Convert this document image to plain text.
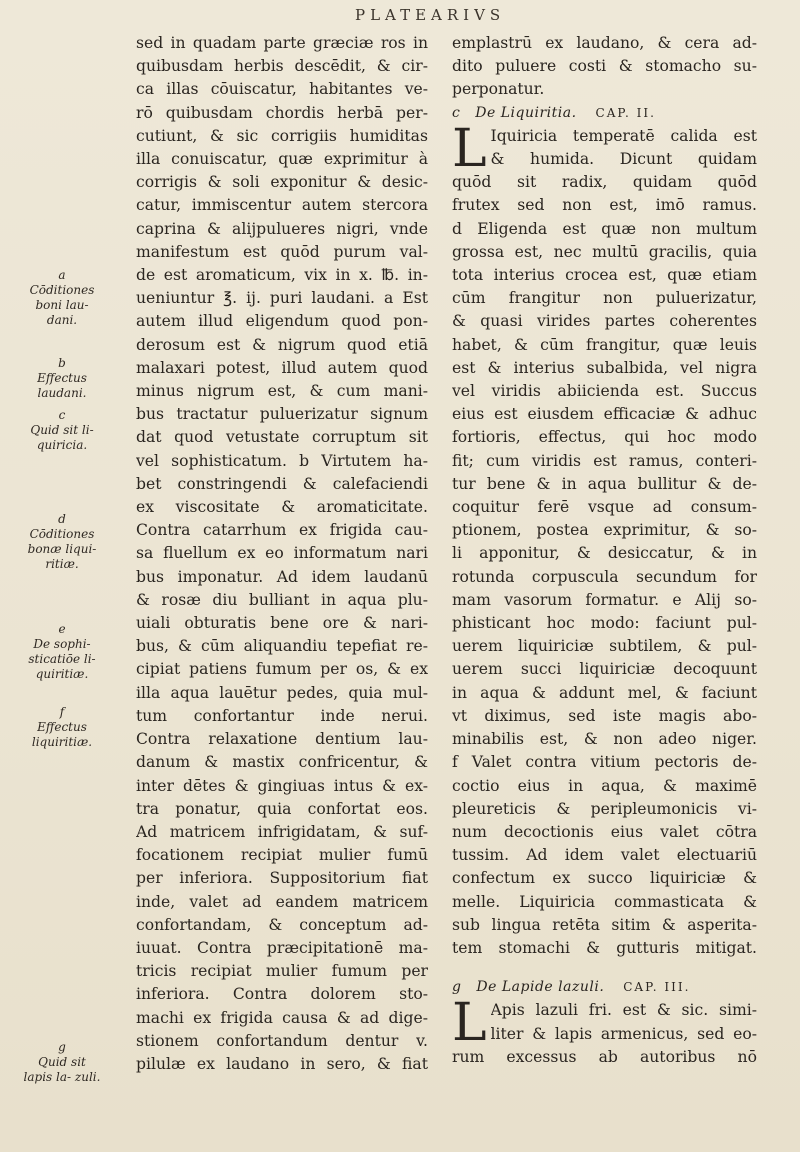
PLATEARIVS
a
Cōditiones boni lau- dani.
b
Effectus laudani.
c
Quid sit li- quiricia.
d
Cōditiones bonæ liqui- ritiæ.
e
De sophi- sticatiōe li- quiritiæ.
f
Effectus liquiritiæ.
g
Quid sit lapis la- zuli.
sed in quadam parte græciæ ros in
quibusdam herbis descēdit, & cir-
ca illas cōuiscatur, habitantes ve-
rō quibusdam chordis herbā per-
cutiunt, & sic corrigiis humiditas
illa conuiscatur, quæ exprimitur à
corrigis & soli exponitur & desic-
catur, immiscentur autem stercora
caprina & alijpulueres nigri, vnde
manifestum est quōd purum val-
de est aromaticum, vix in x. ℔. in-
ueniuntur ℥. ij. puri laudani. a Est
autem illud eligendum quod pon-
derosum est & nigrum quod etiā
malaxari potest, illud autem quod
minus nigrum est, & cum mani-
bus tractatur puluerizatur signum
dat quod vetustate corruptum sit
vel sophisticatum. b Virtutem ha-
bet constringendi & calefaciendi
ex viscositate & aromaticitate.
Contra catarrhum ex frigida cau-
sa fluellum ex eo informatum nari
bus imponatur. Ad idem laudanū
& rosæ diu bulliant in aqua plu-
uiali obturatis bene ore & nari-
bus, & cūm aliquandiu tepefiat re-
cipiat patiens fumum per os, & ex
illa aqua lauētur pedes, quia mul-
tum confortantur inde nerui.
Contra relaxatione dentium lau-
danum & mastix confricentur, &
inter dētes & gingiuas intus & ex-
tra ponatur, quia confortat eos.
Ad matricem infrigidatam, & suf-
focationem recipiat mulier fumū
per inferiora. Suppositorium fiat
inde, valet ad eandem matricem
confortandam, & conceptum ad-
iuuat. Contra præcipitationē ma-
tricis recipiat mulier fumum per
inferiora. Contra dolorem sto-
machi ex frigida causa & ad dige-
stionem confortandum dentur v.
pilulæ ex laudano in sero, & fiat
emplastrū ex laudano, & cera ad-
dito puluere costi & stomacho su-
perponatur.
c De Liquiritia. CAP. II.
L Iquiricia temperatē calida est
& humida. Dicunt quidam
quōd sit radix, quidam quōd
frutex sed non est, imō ramus.
d Eligenda est quæ non multum
grossa est, nec multū gracilis, quia
tota interius crocea est, quæ etiam
cūm frangitur non puluerizatur,
& quasi virides partes coherentes
habet, & cūm frangitur, quæ leuis
est & interius subalbida, vel nigra
vel viridis abiicienda est. Succus
eius est eiusdem efficaciæ & adhuc
fortioris, effectus, qui hoc modo
fit; cum viridis est ramus, conteri-
tur bene & in aqua bullitur & de-
coquitur ferē vsque ad consum-
ptionem, postea exprimitur, & so-
li apponitur, & desiccatur, & in
rotunda corpuscula secundum for
mam vasorum formatur. e Alij so-
phisticant hoc modo: faciunt pul-
uerem liquiriciæ subtilem, & pul-
uerem succi liquiriciæ decoquunt
in aqua & addunt mel, & faciunt
vt diximus, sed iste magis abo-
minabilis est, & non adeo niger.
f Valet contra vitium pectoris de-
coctio eius in aqua, & maximē
pleureticis & peripleumonicis vi-
num decoctionis eius valet cōtra
tussim. Ad idem valet electuariū
confectum ex succo liquiriciæ &
melle. Liquiricia commasticata &
sub lingua retēta sitim & asperita-
tem stomachi & gutturis mitigat.
g De Lapide lazuli. CAP. III.
L Apis lazuli fri. est & sic. simi-
liter & lapis armenicus, sed eo-
rum excessus ab autoribus nō
